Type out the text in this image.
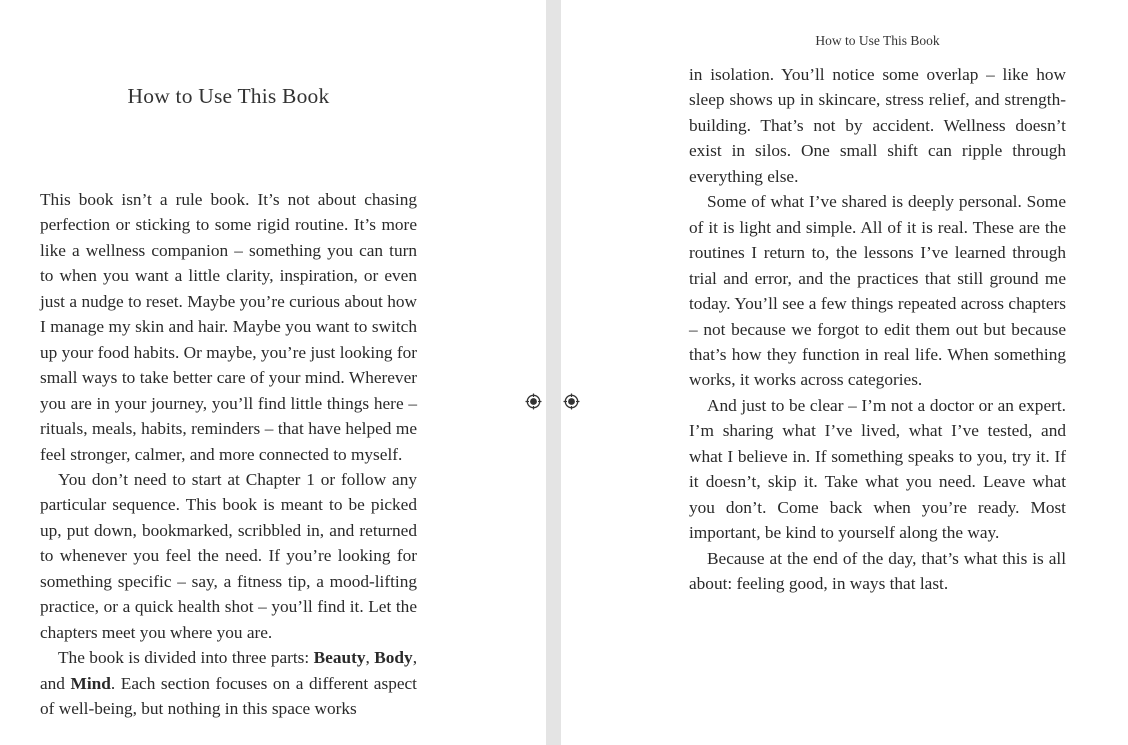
How to Use This Book

This book isn’t a rule book. It’s not about chasing perfection or sticking to some rigid routine. It’s more like a wellness companion – something you can turn to when you want a little clarity, inspiration, or even just a nudge to reset. Maybe you’re curious about how I manage my skin and hair. Maybe you want to switch up your food habits. Or maybe, you’re just looking for small ways to take better care of your mind. Wherever you are in your journey, you’ll find little things here – rituals, meals, habits, reminders – that have helped me feel stronger, calmer, and more connected to myself.

You don’t need to start at Chapter 1 or follow any particular sequence. This book is meant to be picked up, put down, bookmarked, scribbled in, and returned to whenever you feel the need. If you’re looking for something specific – say, a fitness tip, a mood-lifting practice, or a quick health shot – you’ll find it. Let the chapters meet you where you are.

The book is divided into three parts: Beauty, Body, and Mind. Each section focuses on a different aspect of well-being, but nothing in this space works

How to Use This Book

in isolation. You’ll notice some overlap – like how sleep shows up in skincare, stress relief, and strength-building. That’s not by accident. Wellness doesn’t exist in silos. One small shift can ripple through everything else.

Some of what I’ve shared is deeply personal. Some of it is light and simple. All of it is real. These are the routines I return to, the lessons I’ve learned through trial and error, and the practices that still ground me today. You’ll see a few things repeated across chapters – not because we forgot to edit them out but because that’s how they function in real life. When something works, it works across categories.

And just to be clear – I’m not a doctor or an expert. I’m sharing what I’ve lived, what I’ve tested, and what I believe in. If something speaks to you, try it. If it doesn’t, skip it. Take what you need. Leave what you don’t. Come back when you’re ready. Most important, be kind to yourself along the way.

Because at the end of the day, that’s what this is all about: feeling good, in ways that last.
